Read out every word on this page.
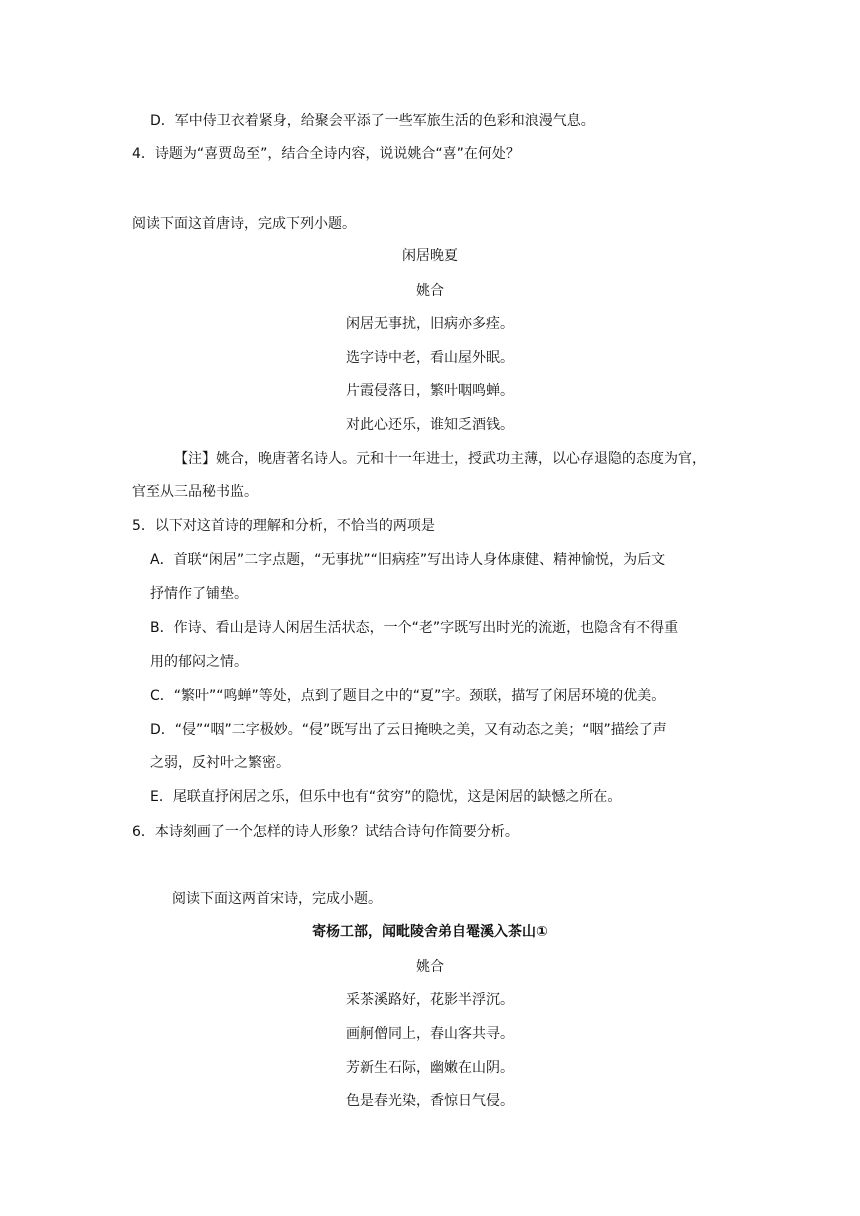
D．军中侍卫衣着紧身，给聚会平添了一些军旅生活的色彩和浪漫气息。
4．诗题为“喜贾岛至”，结合全诗内容，说说姚合“喜”在何处？
阅读下面这首唐诗，完成下列小题。
闲居晚夏
姚合
闲居无事扰，旧病亦多痊。
选字诗中老，看山屋外眠。
片霞侵落日，繁叶咽鸣蝉。
对此心还乐，谁知乏酒钱。
【注】姚合，晚唐著名诗人。元和十一年进士，授武功主薄，以心存退隐的态度为官，
官至从三品秘书监。
5．以下对这首诗的理解和分析，不恰当的两项是
A．首联“闲居”二字点题，“无事扰”“旧病痊”写出诗人身体康健、精神愉悦，为后文
抒情作了铺垫。
B．作诗、看山是诗人闲居生活状态，一个“老”字既写出时光的流逝，也隐含有不得重
用的郁闷之情。
C．“繁叶”“鸣蝉”等处，点到了题目之中的“夏”字。颈联，描写了闲居环境的优美。
D．“侵”“咽”二字极妙。“侵”既写出了云日掩映之美，又有动态之美；“咽”描绘了声
之弱，反衬叶之繁密。
E．尾联直抒闲居之乐，但乐中也有“贫穷”的隐忧，这是闲居的缺憾之所在。
6．本诗刻画了一个怎样的诗人形象？试结合诗句作简要分析。
阅读下面这两首宋诗，完成小题。
寄杨工部，闻毗陵舍弟自罨溪入茶山①
姚合
采茶溪路好，花影半浮沉。
画舸僧同上，春山客共寻。
芳新生石际，幽嫩在山阴。
色是春光染，香惊日气侵。
